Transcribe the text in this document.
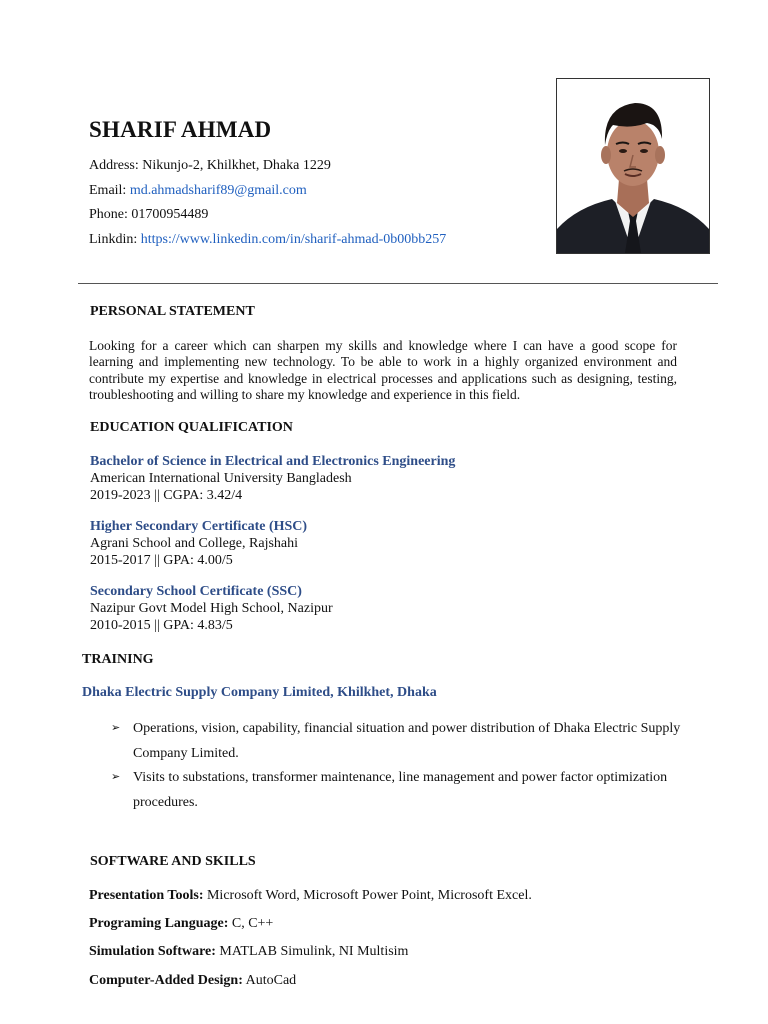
SHARIF AHMAD
Address: Nikunjo-2, Khilkhet, Dhaka 1229
Email: md.ahmadsharif89@gmail.com
Phone: 01700954489
Linkdin: https://www.linkedin.com/in/sharif-ahmad-0b00bb257
PERSONAL STATEMENT
Looking for a career which can sharpen my skills and knowledge where I can have a good scope for learning and implementing new technology. To be able to work in a highly organized environment and contribute my expertise and knowledge in electrical processes and applications such as designing, testing, troubleshooting and willing to share my knowledge and experience in this field.
EDUCATION QUALIFICATION
Bachelor of Science in Electrical and Electronics Engineering
American International University Bangladesh
2019-2023 || CGPA: 3.42/4
Higher Secondary Certificate (HSC)
Agrani School and College, Rajshahi
2015-2017 || GPA: 4.00/5
Secondary School Certificate (SSC)
Nazipur Govt Model High School, Nazipur
2010-2015 || GPA: 4.83/5
TRAINING
Dhaka Electric Supply Company Limited, Khilkhet, Dhaka
➢ Operations, vision, capability, financial situation and power distribution of Dhaka Electric Supply Company Limited.
➢ Visits to substations, transformer maintenance, line management and power factor optimization procedures.
SOFTWARE AND SKILLS
Presentation Tools: Microsoft Word, Microsoft Power Point, Microsoft Excel.
Programing Language: C, C++
Simulation Software: MATLAB Simulink, NI Multisim
Computer-Added Design: AutoCad
